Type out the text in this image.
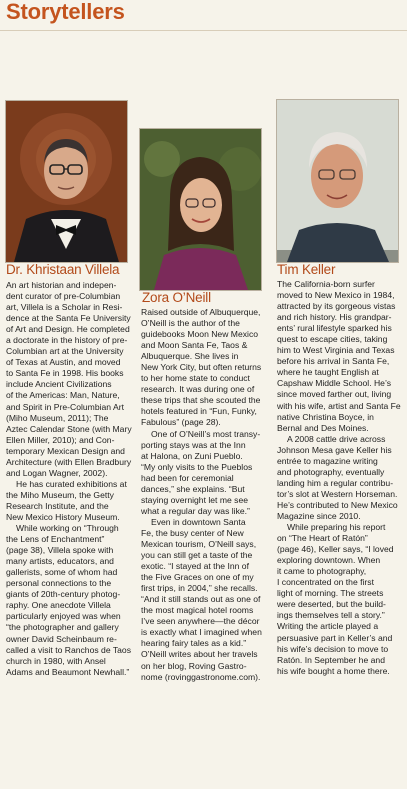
Storytellers
Dr. Khristaan Villela
An art historian and indepen-
dent curator of pre-Columbian
art, Villela is a Scholar in Resi-
dence at the Santa Fe University
of Art and Design. He completed
a doctorate in the history of pre-
Columbian art at the University
of Texas at Austin, and moved
to Santa Fe in 1998. His books
include Ancient Civilizations
of the Americas: Man, Nature,
and Spirit in Pre-Columbian Art
(Miho Museum, 2011); The
Aztec Calendar Stone (with Mary
Ellen Miller, 2010); and Con-
temporary Mexican Design and
Architecture (with Ellen Bradbury
and Logan Wagner, 2002).
He has curated exhibitions at
the Miho Museum, the Getty
Research Institute, and the
New Mexico History Museum.
While working on “Through
the Lens of Enchantment”
(page 38), Villela spoke with
many artists, educators, and
gallerists, some of whom had
personal connections to the
giants of 20th-century photog-
raphy. One anecdote Villela
particularly enjoyed was when
“the photographer and gallery
owner David Scheinbaum re-
called a visit to Ranchos de Taos
church in 1980, with Ansel
Adams and Beaumont Newhall.”
Zora O’Neill
Raised outside of Albuquerque,
O’Neill is the author of the
guidebooks Moon New Mexico
and Moon Santa Fe, Taos &
Albuquerque. She lives in
New York City, but often returns
to her home state to conduct
research. It was during one of
these trips that she scouted the
hotels featured in “Fun, Funky,
Fabulous” (page 28).
One of O’Neill’s most transy-
porting stays was at the Inn
at Halona, on Zuni Pueblo.
“My only visits to the Pueblos
had been for ceremonial
dances,” she explains. “But
staying overnight let me see
what a regular day was like.”
Even in downtown Santa
Fe, the busy center of New
Mexican tourism, O’Neill says,
you can still get a taste of the
exotic. “I stayed at the Inn of
the Five Graces on one of my
first trips, in 2004,” she recalls.
“And it still stands out as one of
the most magical hotel rooms
I’ve seen anywhere—the décor
is exactly what I imagined when
hearing fairy tales as a kid.”
O’Neill writes about her travels
on her blog, Roving Gastro-
nome (rovinggastronome.com).
Tim Keller
The California-born surfer
moved to New Mexico in 1984,
attracted by its gorgeous vistas
and rich history. His grandpar-
ents’ rural lifestyle sparked his
quest to escape cities, taking
him to West Virginia and Texas
before his arrival in Santa Fe,
where he taught English at
Capshaw Middle School. He’s
since moved farther out, living
with his wife, artist and Santa Fe
native Christina Boyce, in
Bernal and Des Moines.
A 2008 cattle drive across
Johnson Mesa gave Keller his
entrée to magazine writing
and photography, eventually
landing him a regular contribu-
tor’s slot at Western Horseman.
He’s contributed to New Mexico
Magazine since 2010.
While preparing his report
on “The Heart of Ratón”
(page 46), Keller says, “I loved
exploring downtown. When
it came to photography,
I concentrated on the first
light of morning. The streets
were deserted, but the build-
ings themselves tell a story.”
Writing the article played a
persuasive part in Keller’s and
his wife’s decision to move to
Ratón. In September he and
his wife bought a home there.
